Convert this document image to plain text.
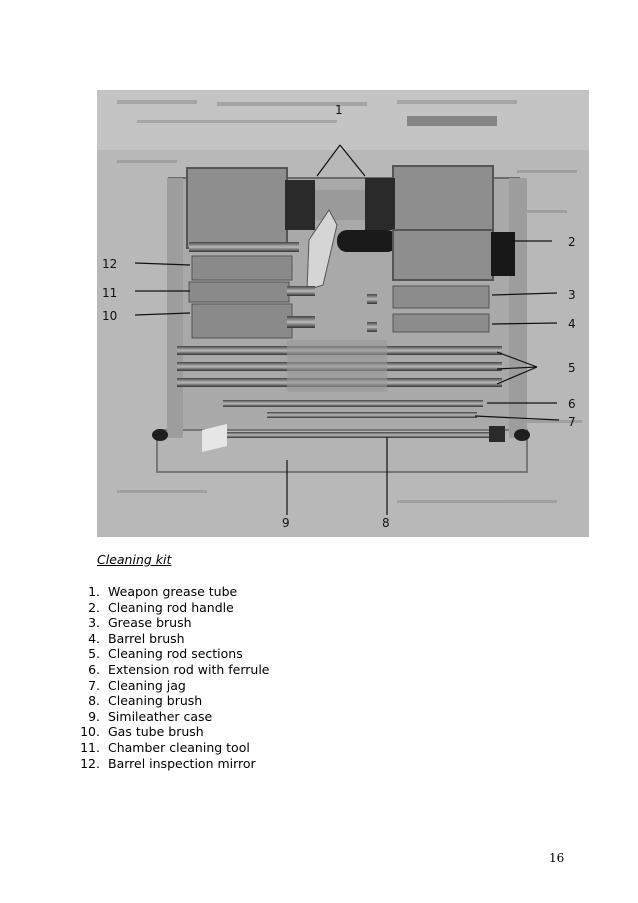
1
2
3
4
5
6
7
8
9
10
11
12
Cleaning kit
1. Weapon grease tube
2. Cleaning rod handle
3. Grease brush
4. Barrel brush
5. Cleaning rod sections
6. Extension rod with ferrule
7. Cleaning jag
8. Cleaning brush
9. Simileather case
10. Gas tube brush
11. Chamber cleaning tool
12. Barrel inspection mirror
16
